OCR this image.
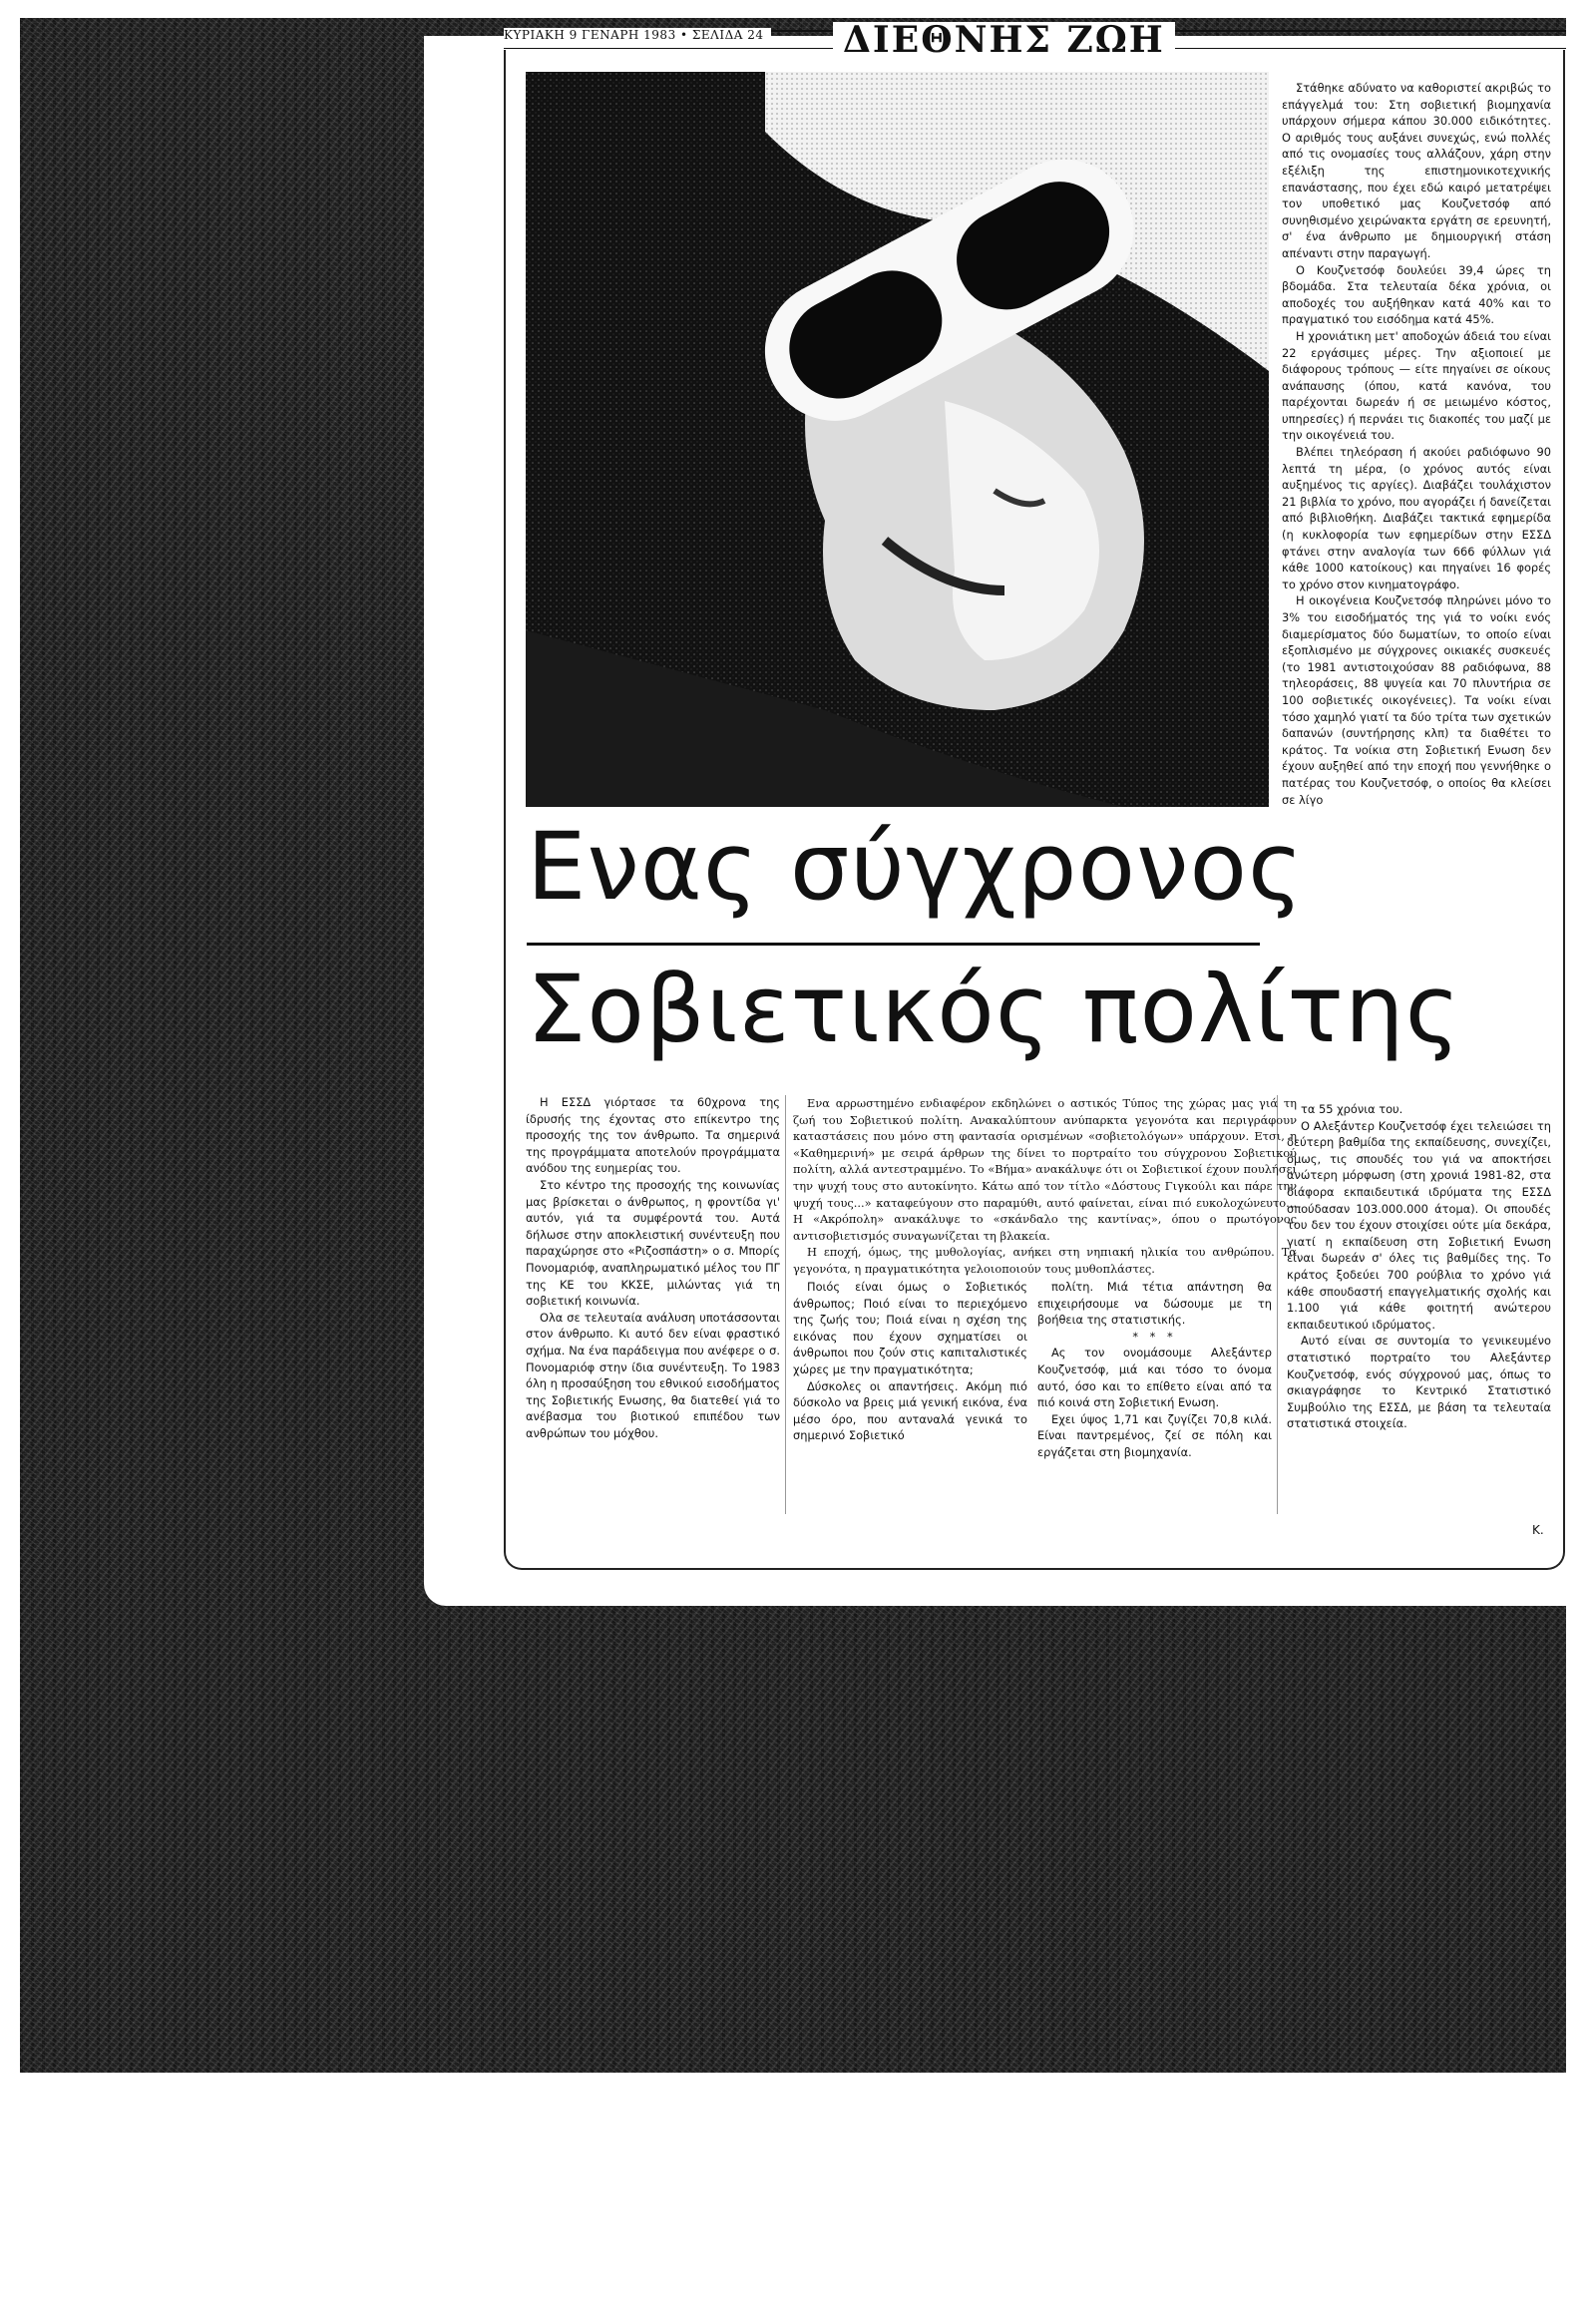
ΚΥΡΙΑΚΗ 9 ΓΕΝΑΡΗ 1983 • ΣΕΛΙΔΑ 24 ΔΙΕΘΝΗΣ ΖΩΗ
Ενας σύγχρονος
Σοβιετικός πολίτης

Στάθηκε αδύνατο να καθοριστεί ακριβώς το επάγγελμά του: Στη σοβιετική βιομηχανία υπάρχουν σήμερα κάπου 30.000 ειδικότητες. Ο αριθμός τους αυξάνει συνεχώς, ενώ πολλές από τις ονομασίες τους αλλάζουν, χάρη στην εξέλιξη της επιστημονικοτεχνικής επανάστασης, που έχει εδώ καιρό μετατρέψει τον υποθετικό μας Κουζνετσόφ από συνηθισμένο χειρώνακτα εργάτη σε ερευνητή, σ' ένα άνθρωπο με δημιουργική στάση απέναντι στην παραγωγή.

Ο Κουζνετσόφ δουλεύει 39,4 ώρες τη βδομάδα. Στα τελευταία δέκα χρόνια, οι αποδοχές του αυξήθηκαν κατά 40% και το πραγματικό του εισόδημα κατά 45%.

Η χρονιάτικη μετ' αποδοχών άδειά του είναι 22 εργάσιμες μέρες. Την αξιοποιεί με διάφορους τρόπους — είτε πηγαίνει σε οίκους ανάπαυσης (όπου, κατά κανόνα, του παρέχονται δωρεάν ή σε μειωμένο κόστος, υπηρεσίες) ή περνάει τις διακοπές του μαζί με την οικογένειά του.

Βλέπει τηλεόραση ή ακούει ραδιόφωνο 90 λεπτά τη μέρα, (ο χρόνος αυτός είναι αυξημένος τις αργίες). Διαβάζει τουλάχιστον 21 βιβλία το χρόνο, που αγοράζει ή δανείζεται από βιβλιοθήκη. Διαβάζει τακτικά εφημερίδα (η κυκλοφορία των εφημερίδων στην ΕΣΣΔ φτάνει στην αναλογία των 666 φύλλων γιά κάθε 1000 κατοίκους) και πηγαίνει 16 φορές το χρόνο στον κινηματογράφο.

Η οικογένεια Κουζνετσόφ πληρώνει μόνο το 3% του εισοδήματός της γιά το νοίκι ενός διαμερίσματος δύο δωματίων, το οποίο είναι εξοπλισμένο με σύγχρονες οικιακές συσκευές (το 1981 αντιστοιχούσαν 88 ραδιόφωνα, 88 τηλεοράσεις, 88 ψυγεία και 70 πλυντήρια σε 100 σοβιετικές οικογένειες). Τα νοίκι είναι τόσο χαμηλό γιατί τα δύο τρίτα των σχετικών δαπανών (συντήρησης κλπ) τα διαθέτει το κράτος. Τα νοίκια στη Σοβιετική Ενωση δεν έχουν αυξηθεί από την εποχή που γεννήθηκε ο πατέρας του Κουζνετσόφ, ο οποίος θα κλείσει σε λίγο

Η ΕΣΣΔ γιόρτασε τα 60χρονα της ίδρυσής της έχοντας στο επίκεντρο της προσοχής της τον άνθρωπο. Τα σημερινά της προγράμματα αποτελούν προγράμματα ανόδου της ευημερίας του.

Στο κέντρο της προσοχής της κοινωνίας μας βρίσκεται ο άνθρωπος, η φροντίδα γι' αυτόν, γιά τα συμφέροντά του. Αυτά δήλωσε στην αποκλειστική συνέντευξη που παραχώρησε στο «Ριζοσπάστη» ο σ. Μπορίς Πονομαριόφ, αναπληρωματικό μέλος του ΠΓ της ΚΕ του ΚΚΣΕ, μιλώντας γιά τη σοβιετική κοινωνία.

Ολα σε τελευταία ανάλυση υποτάσσονται στον άνθρωπο. Κι αυτό δεν είναι φραστικό σχήμα. Να ένα παράδειγμα που ανέφερε ο σ. Πονομαριόφ στην ίδια συνέντευξη. Το 1983 όλη η προσαύξηση του εθνικού εισοδήματος της Σοβιετικής Ενωσης, θα διατεθεί γιά το ανέβασμα του βιοτικού επιπέδου των ανθρώπων του μόχθου.

Ενα αρρωστημένο ενδιαφέρον εκδηλώνει ο αστικός Τύπος της χώρας μας γιά τη ζωή του Σοβιετικού πολίτη. Ανακαλύπτουν ανύπαρκτα γεγονότα και περιγράφουν καταστάσεις που μόνο στη φαντασία ορισμένων «σοβιετολόγων» υπάρχουν. Ετσι, η «Καθημερινή» με σειρά άρθρων της δίνει το πορτραίτο του σύγχρονου Σοβιετικού πολίτη, αλλά αντεστραμμένο. Το «Βήμα» ανακάλυψε ότι οι Σοβιετικοί έχουν πουλήσει την ψυχή τους στο αυτοκίνητο. Κάτω από τον τίτλο «Δόστους Γιγκούλι και πάρε την ψυχή τους...» καταφεύγουν στο παραμύθι, αυτό φαίνεται, είναι πιό ευκολοχώνευτο... Η «Ακρόπολη» ανακάλυψε το «σκάνδαλο της καντίνας», όπου ο πρωτόγονος αντισοβιετισμός συναγωνίζεται τη βλακεία.

Η εποχή, όμως, της μυθολογίας, ανήκει στη νηπιακή ηλικία του ανθρώπου. Τα γεγονότα, η πραγματικότητα γελοιοποιούν τους μυθοπλάστες.

Ποιός είναι όμως ο Σοβιετικός άνθρωπος; Ποιό είναι το περιεχόμενο της ζωής του; Ποιά είναι η σχέση της εικόνας που έχουν σχηματίσει οι άνθρωποι που ζούν στις καπιταλιστικές χώρες με την πραγματικότητα;

Δύσκολες οι απαντήσεις. Ακόμη πιό δύσκολο να βρεις μιά γενική εικόνα, ένα μέσο όρο, που ανταναλά γενικά το σημερινό Σοβιετικό

πολίτη. Μιά τέτια απάντηση θα επιχειρήσουμε να δώσουμε με τη βοήθεια της στατιστικής.

* * *

Ας τον ονομάσουμε Αλεξάντερ Κουζνετσόφ, μιά και τόσο το όνομα αυτό, όσο και το επίθετο είναι από τα πιό κοινά στη Σοβιετική Ενωση.

Εχει ύψος 1,71 και ζυγίζει 70,8 κιλά. Είναι παντρεμένος, ζεί σε πόλη και εργάζεται στη βιομηχανία.

τα 55 χρόνια του.

Ο Αλεξάντερ Κουζνετσόφ έχει τελειώσει τη δεύτερη βαθμίδα της εκπαίδευσης, συνεχίζει, όμως, τις σπουδές του γιά να αποκτήσει ανώτερη μόρφωση (στη χρονιά 1981-82, στα διάφορα εκπαιδευτικά ιδρύματα της ΕΣΣΔ σπούδασαν 103.000.000 άτομα). Οι σπουδές του δεν του έχουν στοιχίσει ούτε μία δεκάρα, γιατί η εκπαίδευση στη Σοβιετική Ενωση είναι δωρεάν σ' όλες τις βαθμίδες της. Το κράτος ξοδεύει 700 ρούβλια το χρόνο γιά κάθε σπουδαστή επαγγελματικής σχολής και 1.100 γιά κάθε φοιτητή ανώτερου εκπαιδευτικού ιδρύματος.

Αυτό είναι σε συντομία το γενικευμένο στατιστικό πορτραίτο του Αλεξάντερ Κουζνετσόφ, ενός σύγχρονού μας, όπως το σκιαγράφησε το Κεντρικό Στατιστικό Συμβούλιο της ΕΣΣΔ, με βάση τα τελευταία στατιστικά στοιχεία.

Κ.
